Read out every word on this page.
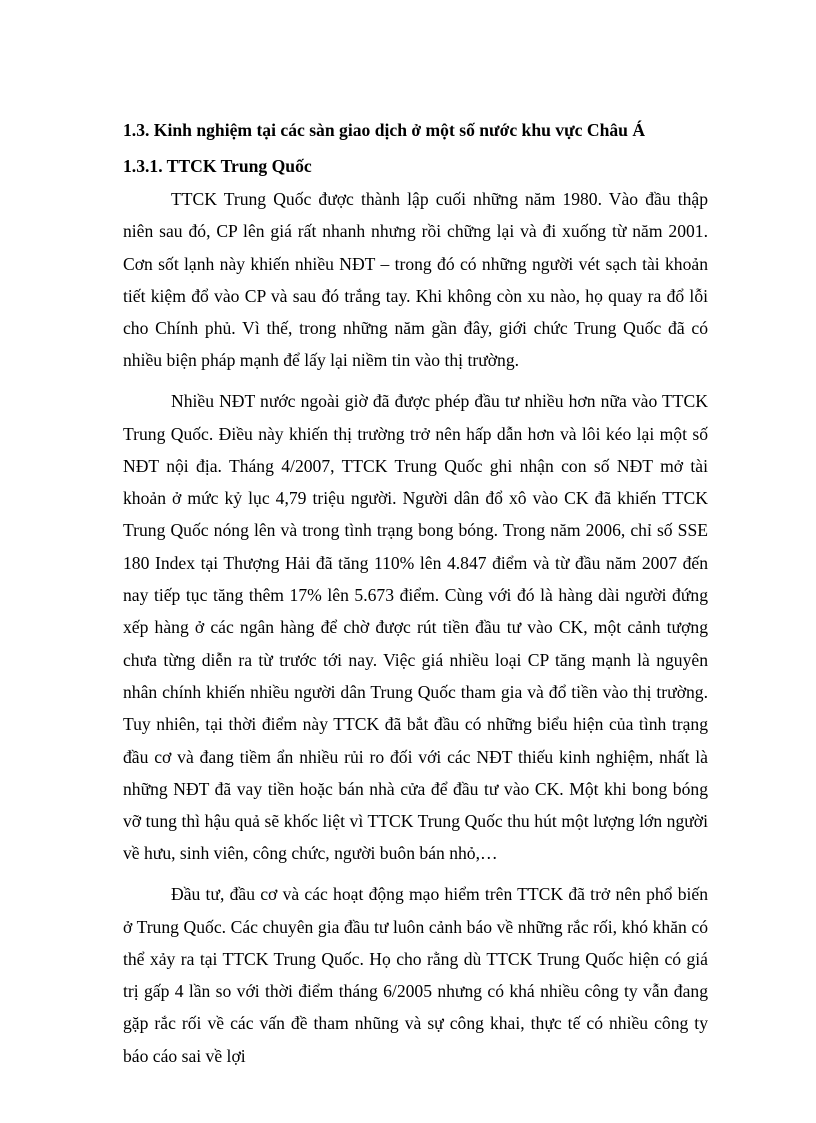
1.3. Kinh nghiệm tại các sàn giao dịch ở một số nước khu vực Châu Á
1.3.1. TTCK Trung Quốc

TTCK Trung Quốc được thành lập cuối những năm 1980. Vào đầu thập niên sau đó, CP lên giá rất nhanh nhưng rồi chững lại và đi xuống từ năm 2001. Cơn sốt lạnh này khiến nhiều NĐT – trong đó có những người vét sạch tài khoản tiết kiệm đổ vào CP và sau đó trắng tay. Khi không còn xu nào, họ quay ra đổ lỗi cho Chính phủ. Vì thế, trong những năm gần đây, giới chức Trung Quốc đã có nhiều biện pháp mạnh để lấy lại niềm tin vào thị trường.

Nhiều NĐT nước ngoài giờ đã được phép đầu tư nhiều hơn nữa vào TTCK Trung Quốc. Điều này khiến thị trường trở nên hấp dẫn hơn và lôi kéo lại một số NĐT nội địa. Tháng 4/2007, TTCK Trung Quốc ghi nhận con số NĐT mở tài khoản ở mức kỷ lục 4,79 triệu người. Người dân đổ xô vào CK đã khiến TTCK Trung Quốc nóng lên và trong tình trạng bong bóng. Trong năm 2006, chỉ số SSE 180 Index tại Thượng Hải đã tăng 110% lên 4.847 điểm và từ đầu năm 2007 đến nay tiếp tục tăng thêm 17% lên 5.673 điểm. Cùng với đó là hàng dài người đứng xếp hàng ở các ngân hàng để chờ được rút tiền đầu tư vào CK, một cảnh tượng chưa từng diễn ra từ trước tới nay. Việc giá nhiều loại CP tăng mạnh là nguyên nhân chính khiến nhiều người dân Trung Quốc tham gia và đổ tiền vào thị trường. Tuy nhiên, tại thời điểm này TTCK đã bắt đầu có những biểu hiện của tình trạng đầu cơ và đang tiềm ẩn nhiều rủi ro đối với các NĐT thiếu kinh nghiệm, nhất là những NĐT đã vay tiền hoặc bán nhà cửa để đầu tư vào CK. Một khi bong bóng vỡ tung thì hậu quả sẽ khốc liệt vì TTCK Trung Quốc thu hút một lượng lớn người về hưu, sinh viên, công chức, người buôn bán nhỏ,…

Đầu tư, đầu cơ và các hoạt động mạo hiểm trên TTCK đã trở nên phổ biến ở Trung Quốc. Các chuyên gia đầu tư luôn cảnh báo về những rắc rối, khó khăn có thể xảy ra tại TTCK Trung Quốc. Họ cho rằng dù TTCK Trung Quốc hiện có giá trị gấp 4 lần so với thời điểm tháng 6/2005 nhưng có khá nhiều công ty vẫn đang gặp rắc rối về các vấn đề tham nhũng và sự công khai, thực tế có nhiều công ty báo cáo sai về lợi
